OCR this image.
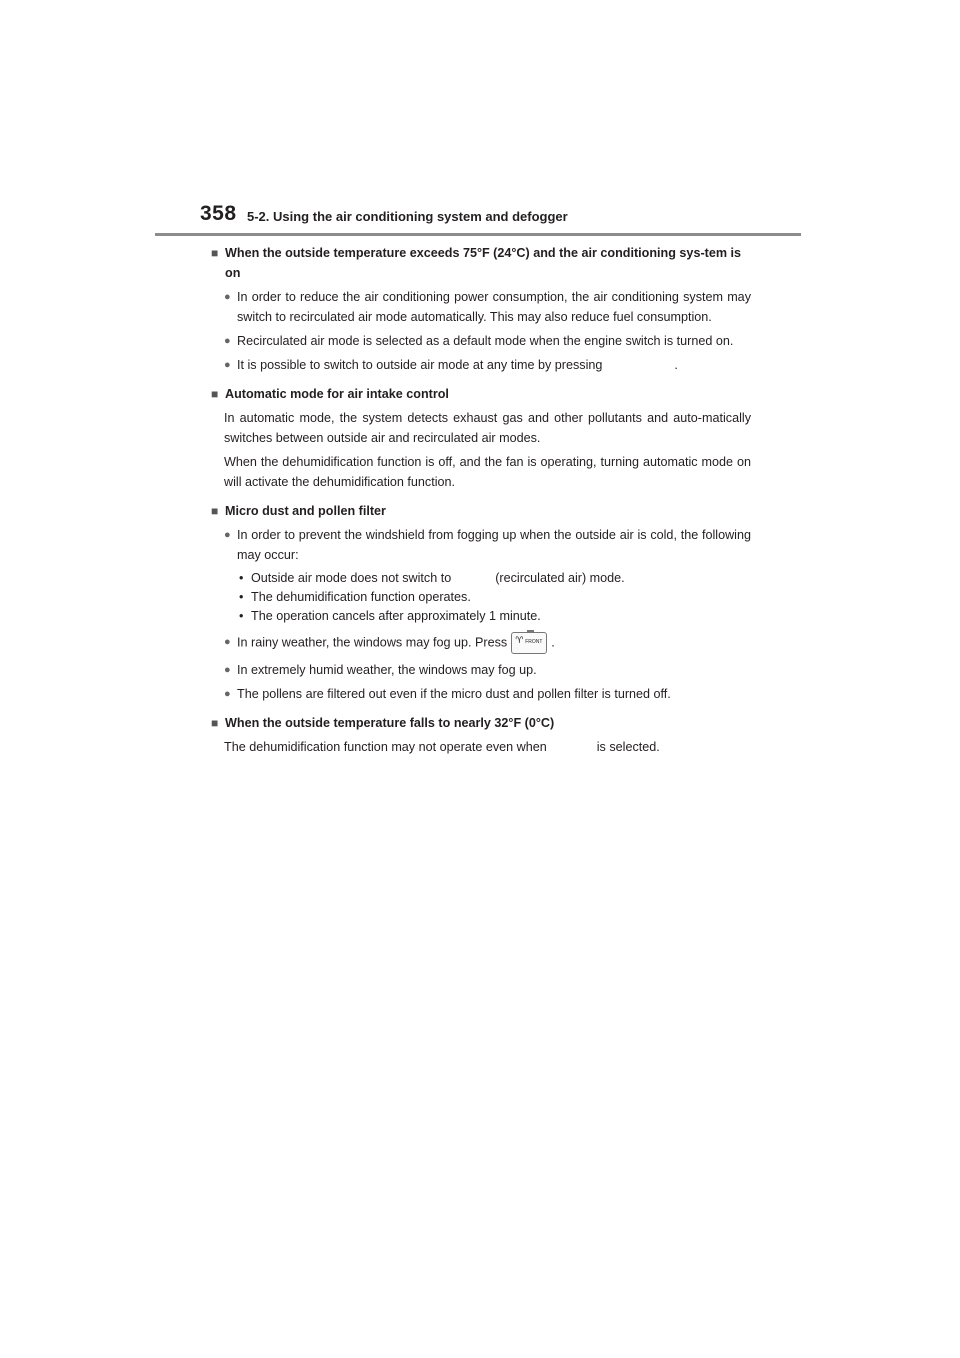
358 5-2. Using the air conditioning system and defogger
■ When the outside temperature exceeds 75°F (24°C) and the air conditioning sys-tem is on
● In order to reduce the air conditioning power consumption, the air conditioning system may switch to recirculated air mode automatically. This may also reduce fuel consumption.
● Recirculated air mode is selected as a default mode when the engine switch is turned on.
● It is possible to switch to outside air mode at any time by pressing	.
■ Automatic mode for air intake control
In automatic mode, the system detects exhaust gas and other pollutants and auto-matically switches between outside air and recirculated air modes.
When the dehumidification function is off, and the fan is operating, turning automatic mode on will activate the dehumidification function.
■ Micro dust and pollen filter
● In order to prevent the windshield from fogging up when the outside air is cold, the following may occur:
• Outside air mode does not switch to	(recirculated air) mode.
• The dehumidification function operates.
• The operation cancels after approximately 1 minute.
● In rainy weather, the windows may fog up. Press ♈︎ FRONT .
● In extremely humid weather, the windows may fog up.
● The pollens are filtered out even if the micro dust and pollen filter is turned off.
■ When the outside temperature falls to nearly 32°F (0°C)
The dehumidification function may not operate even when	is selected.
